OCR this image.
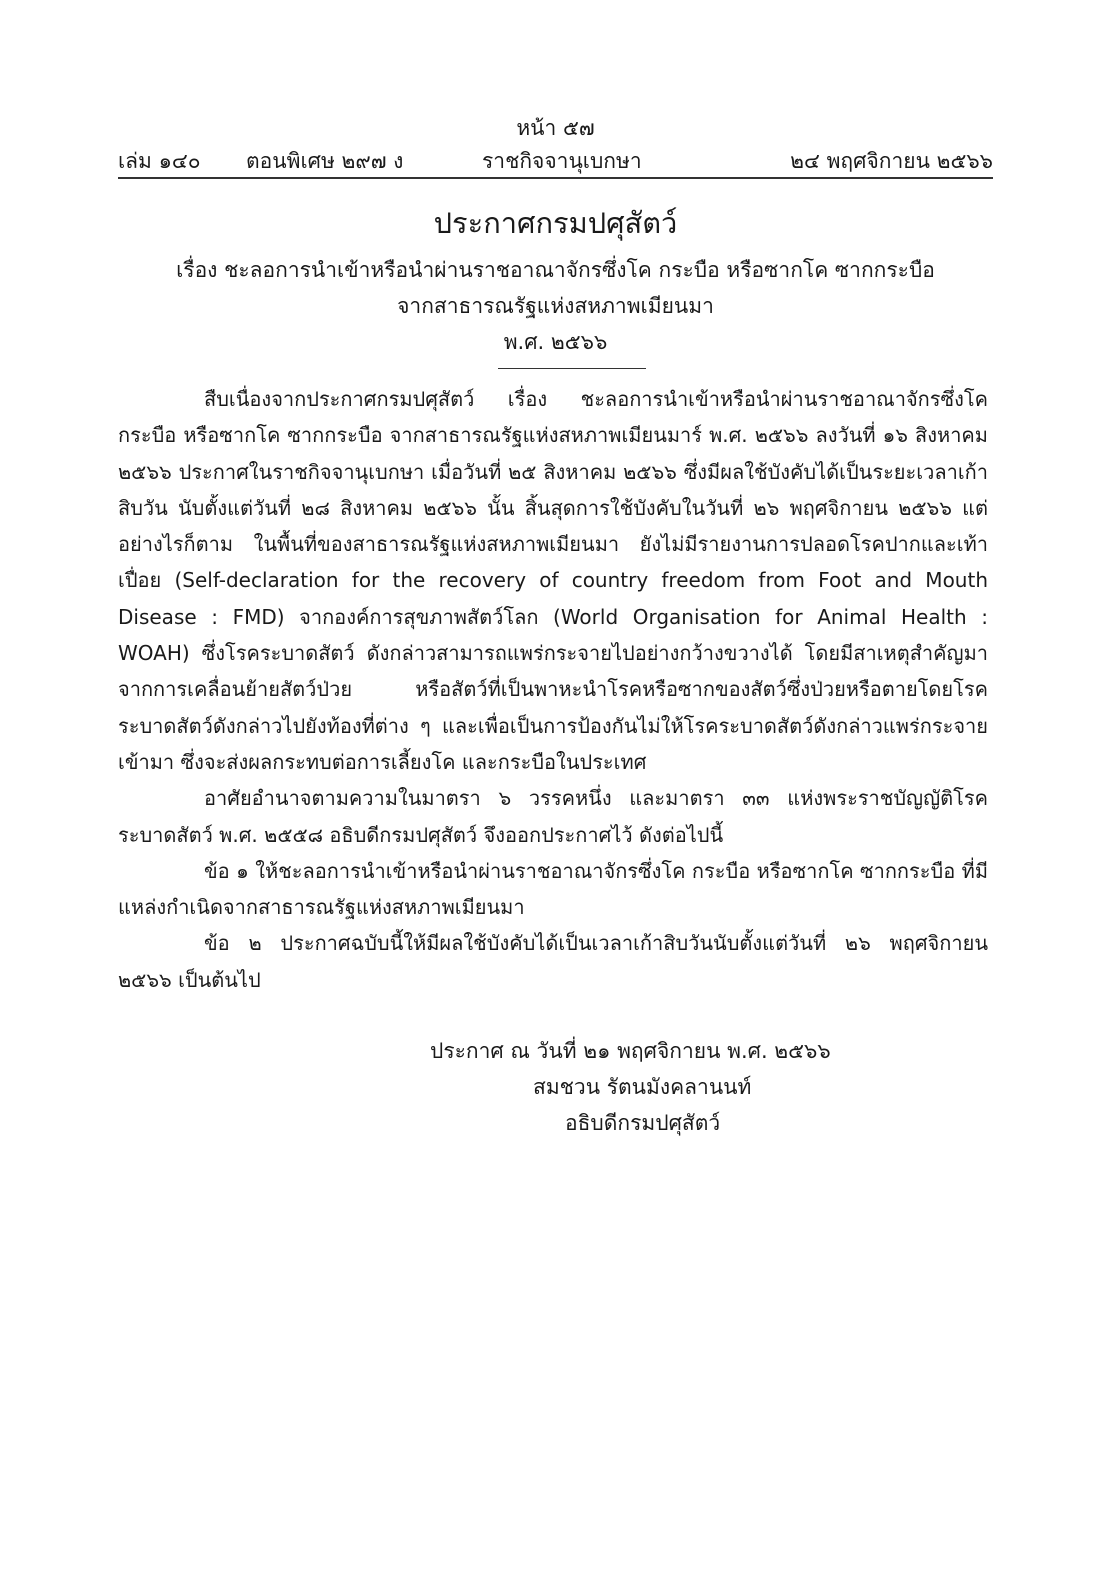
หน้า ๕๗
เล่ม ๑๔๐ ตอนพิเศษ ๒๙๗ ง	ราชกิจจานุเบกษา	๒๔ พฤศจิกายน ๒๕๖๖
ประกาศกรมปศุสัตว์
เรื่อง ชะลอการนำเข้าหรือนำผ่านราชอาณาจักรซึ่งโค กระบือ หรือซากโค ซากกระบือ
จากสาธารณรัฐแห่งสหภาพเมียนมา
พ.ศ. ๒๕๖๖

สืบเนื่องจากประกาศกรมปศุสัตว์ เรื่อง ชะลอการนำเข้าหรือนำผ่านราชอาณาจักรซึ่งโค กระบือ หรือซากโค ซากกระบือ จากสาธารณรัฐแห่งสหภาพเมียนมาร์ พ.ศ. ๒๕๖๖ ลงวันที่ ๑๖ สิงหาคม ๒๕๖๖ ประกาศในราชกิจจานุเบกษา เมื่อวันที่ ๒๕ สิงหาคม ๒๕๖๖ ซึ่งมีผลใช้บังคับได้เป็นระยะเวลาเก้าสิบวัน นับตั้งแต่วันที่ ๒๘ สิงหาคม ๒๕๖๖ นั้น สิ้นสุดการใช้บังคับในวันที่ ๒๖ พฤศจิกายน ๒๕๖๖ แต่อย่างไรก็ตาม ในพื้นที่ของสาธารณรัฐแห่งสหภาพเมียนมา ยังไม่มีรายงานการปลอดโรคปากและเท้าเปื่อย (Self-declaration for the recovery of country freedom from Foot and Mouth Disease : FMD) จากองค์การสุขภาพสัตว์โลก (World Organisation for Animal Health : WOAH) ซึ่งโรคระบาดสัตว์ ดังกล่าวสามารถแพร่กระจายไปอย่างกว้างขวางได้ โดยมีสาเหตุสำคัญมาจากการเคลื่อนย้ายสัตว์ป่วย หรือสัตว์ที่เป็นพาหะนำโรคหรือซากของสัตว์ซึ่งป่วยหรือตายโดยโรคระบาดสัตว์ดังกล่าวไปยังท้องที่ต่าง ๆ และเพื่อเป็นการป้องกันไม่ให้โรคระบาดสัตว์ดังกล่าวแพร่กระจายเข้ามา ซึ่งจะส่งผลกระทบต่อการเลี้ยงโค และกระบือในประเทศ

อาศัยอำนาจตามความในมาตรา ๖ วรรคหนึ่ง และมาตรา ๓๓ แห่งพระราชบัญญัติโรคระบาดสัตว์ พ.ศ. ๒๕๕๘ อธิบดีกรมปศุสัตว์ จึงออกประกาศไว้ ดังต่อไปนี้

ข้อ ๑ ให้ชะลอการนำเข้าหรือนำผ่านราชอาณาจักรซึ่งโค กระบือ หรือซากโค ซากกระบือ ที่มีแหล่งกำเนิดจากสาธารณรัฐแห่งสหภาพเมียนมา

ข้อ ๒ ประกาศฉบับนี้ให้มีผลใช้บังคับได้เป็นเวลาเก้าสิบวันนับตั้งแต่วันที่ ๒๖ พฤศจิกายน ๒๕๖๖ เป็นต้นไป

ประกาศ ณ วันที่ ๒๑ พฤศจิกายน พ.ศ. ๒๕๖๖
สมชวน รัตนมังคลานนท์
อธิบดีกรมปศุสัตว์
